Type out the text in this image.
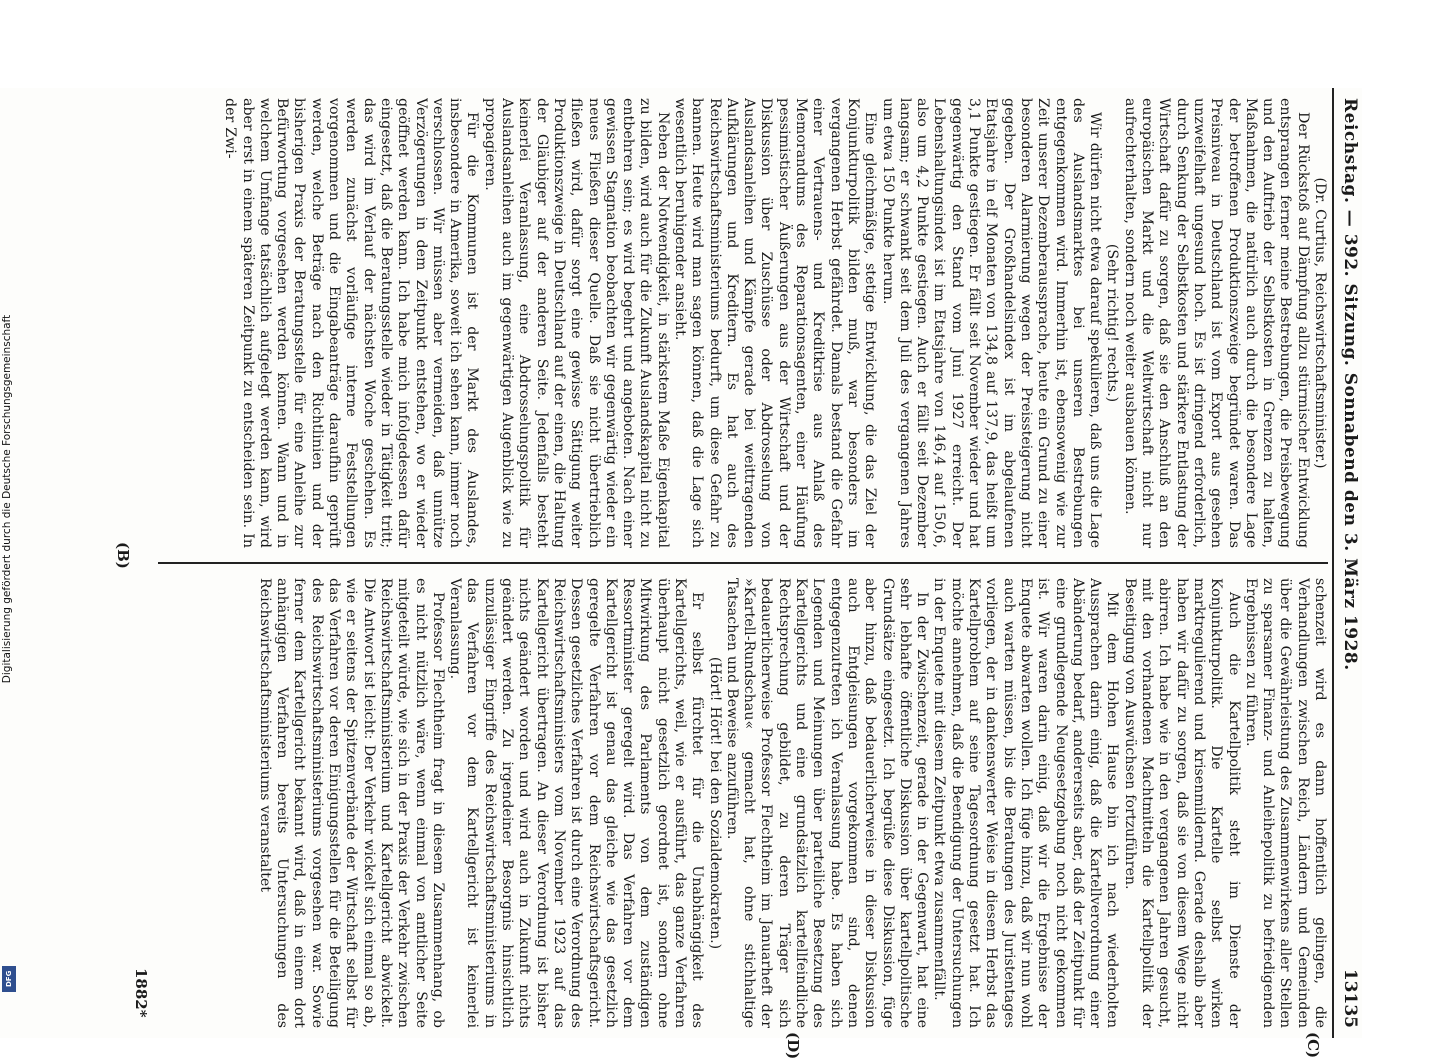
Reichstag. — 392. Sitzung. Sonnabend den 3. März 1928.
13135

(Dr. Curtius, Reichswirtschaftsminister.)

Der Rückstoß auf Dämpfung allzu stürmischer Entwicklung entsprangen ferner meine Bestrebungen, die Preisbewegung und den Auftrieb der Selbstkosten in Grenzen zu halten, Maßnahmen, die natürlich auch durch die besondere Lage der betroffenen Produktionszweige begründet waren. Das Preisniveau in Deutschland ist vom Export aus gesehen unzweifelhaft ungesund hoch. Es ist dringend erforderlich, durch Senkung der Selbstkosten und stärkere Entlastung der Wirtschaft dafür zu sorgen, daß sie den Anschluß an den europäischen Markt und die Weltwirtschaft nicht nur aufrechterhalten, sondern noch weiter ausbauen können.

(Sehr richtig! rechts.)

Wir dürfen nicht etwa darauf spekulieren, daß uns die Lage des Auslandsmarktes bei unseren Bestrebungen entgegenkommen wird. Immerhin ist, ebensowenig wie zur Zeit unserer Dezemberaussprache, heute ein Grund zu einer besonderen Alarmierung wegen der Preissteigerung nicht gegeben. Der Großhandelsindex ist im abgelaufenen Etatsjahre in elf Monaten von 134,8 auf 137,9, das heißt um 3,1 Punkte gestiegen. Er fällt seit November wieder und hat gegenwärtig den Stand vom Juni 1927 erreicht. Der Lebenshaltungsindex ist im Etatsjahre von 146,4 auf 150,6, also um 4,2 Punkte gestiegen. Auch er fällt seit Dezember langsam; er schwankt seit dem Juli des vergangenen Jahres um etwa 150 Punkte herum.

Eine gleichmäßige, stetige Entwicklung, die das Ziel der Konjunkturpolitik bilden muß, war besonders im vergangenen Herbst gefährdet. Damals bestand die Gefahr einer Vertrauens- und Kreditkrise aus Anlaß des Memorandums des Reparationsagenten, einer Häufung pessimistischer Äußerungen aus der Wirtschaft und der Diskussion über Zuschüsse oder Abdrosselung von Auslandsanleihen und Kämpfe gerade bei weittragenden Aufklärungen und Kreditern. Es hat auch des Reichswirtschaftsministeriums bedurft, um diese Gefahr zu bannen. Heute wird man sagen können, daß die Lage sich wesentlich beruhigender ansieht.

Neben der Notwendigkeit, in stärkstem Maße Eigenkapital zu bilden, wird auch für die Zukunft Auslandskapital nicht zu entbehren sein; es wird begehrt und angeboten. Nach einer gewissen Stagnation beobachten wir gegenwärtig wieder ein neues Fließen dieser Quelle. Daß sie nicht übertrieblich fließen wird, dafür sorgt eine gewisse Sättigung weiter Produktionszweige in Deutschland auf der einen, die Haltung der Gläubiger auf der anderen Seite. Jedenfalls besteht keinerlei Veranlassung, eine Abdrosselungspolitik für Auslandsanleihen auch im gegenwärtigen Augenblick wie zu propagieren.

Für die Kommunen ist der Markt des Auslandes, insbesondere in Amerika, soweit ich sehen kann, immer noch verschlossen. Wir müssen aber vermeiden, daß unnütze Verzögerungen in dem Zeitpunkt entstehen, wo er wieder geöffnet werden kann. Ich habe mich infolgedessen dafür eingesetzt, daß die Beratungsstelle wieder in Tätigkeit tritt; das wird im Verlauf der nächsten Woche geschehen. Es werden zunächst vorläufige interne Feststellungen vorgenommen und die Eingabeanträge daraufhin geprüft werden, welche Beträge nach den Richtlinien und der bisherigen Praxis der Beratungsstelle für eine Anleihe zur Befürwortung vorgesehen werden können. Wann und in welchem Umfange tatsächlich aufgelegt werden kann, wird aber erst in einem späteren Zeitpunkt zu entscheiden sein. In der Zwi-

schenzeit wird es dann hoffentlich gelingen, die Verhandlungen zwischen Reich, Ländern und Gemeinden über die Gewährleistung des Zusammenwirkens aller Stellen zu sparsamer Finanz- und Anleihepolitik zu befriedigenden Ergebnissen zu führen.

Auch die Kartellpolitik steht im Dienste der Konjunkturpolitik. Die Kartelle selbst wirken marktregulierend und krisenmildernd. Gerade deshalb aber haben wir dafür zu sorgen, daß sie von diesem Wege nicht abirren. Ich habe wie in den vergangenen Jahren gesucht, mit den vorhandenen Machtmitteln die Kartellpolitik der Beseitigung von Auswüchsen fortzuführen.

Mit dem Hohen Hause bin ich nach wiederholten Aussprachen darin einig, daß die Kartellverordnung einer Abänderung bedarf, andererseits aber, daß der Zeitpunkt für eine grundlegende Neugesetzgebung noch nicht gekommen ist. Wir waren darin einig, daß wir die Ergebnisse der Enquete abwarten wollen. Ich füge hinzu, daß wir nun wohl auch warten müssen, bis die Beratungen des Juristentages vorliegen, der in dankenswerter Weise in diesem Herbst das Kartellproblem auf seine Tagesordnung gesetzt hat. Ich möchte annehmen, daß die Beendigung der Untersuchungen in der Enquete mit diesem Zeitpunkt etwa zusammenfällt.

In der Zwischenzeit, gerade in der Gegenwart, hat eine sehr lebhafte öffentliche Diskussion über kartellpolitische Grundsätze eingesetzt. Ich begrüße diese Diskussion, füge aber hinzu, daß bedauerlicherweise in dieser Diskussion auch Entgleisungen vorgekommen sind, denen entgegenzutreten ich Veranlassung habe. Es haben sich Legenden und Meinungen über parteiliche Besetzung des Kartellgerichts und eine grundsätzlich kartellfeindliche Rechtsprechung gebildet, zu deren Träger sich bedauerlicherweise Professor Flechtheim im Januarheft der »Kartell-Rundschau« gemacht hat, ohne stichhaltige Tatsachen und Beweise anzuführen.

(Hört! Hört! bei den Sozialdemokraten.)

Er selbst fürchtet für die Unabhängigkeit des Kartellgerichts, weil, wie er ausführt, das ganze Verfahren überhaupt nicht gesetzlich geordnet ist, sondern ohne Mitwirkung des Parlaments von dem zuständigen Ressortminister geregelt wird. Das Verfahren vor dem Kartellgericht ist genau das gleiche wie das gesetzlich geregelte Verfahren vor dem Reichswirtschaftsgericht. Dessen gesetzliches Verfahren ist durch eine Verordnung des Reichswirtschaftsministers vom November 1923 auf das Kartellgericht übertragen. An dieser Verordnung ist bisher nichts geändert worden und wird auch in Zukunft nichts geändert werden. Zu irgendeiner Besorgnis hinsichtlich unzulässiger Eingriffe des Reichswirtschaftsministeriums in das Verfahren vor dem Kartellgericht ist keinerlei Veranlassung.

Professor Flechtheim fragt in diesem Zusammenhang, ob es nicht nützlich wäre, wenn einmal von amtlicher Seite mitgeteilt würde, wie sich in der Praxis der Verkehr zwischen Reichswirtschaftsministerium und Kartellgericht abwickelt. Die Antwort ist leicht: Der Verkehr wickelt sich einmal so ab, wie er seitens der Spitzenverbände der Wirtschaft selbst für das Verfahren vor deren Einigungsstellen für die Beteiligung des Reichswirtschaftsministeriums vorgesehen war. Sowie ferner dem Kartellgericht bekannt wird, daß in einem dort anhängigen Verfahren bereits Untersuchungen des Reichswirtschaftsministeriums veranstaltet

(C)
(D)
(B)
1882*
Digitalisierung gefördert durch die Deutsche Forschungsgemeinschaft
DFG
